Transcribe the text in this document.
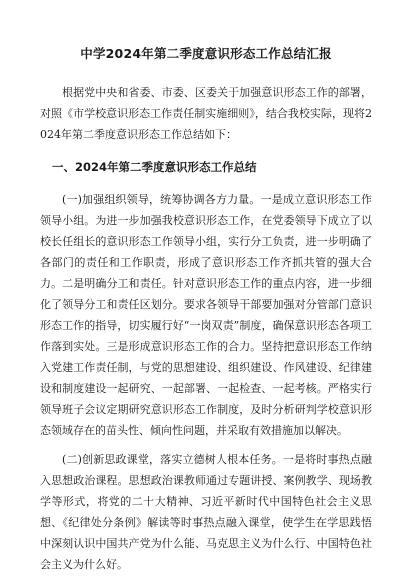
中学2024年第二季度意识形态工作总结汇报

根据党中央和省委、市委、区委关于加强意识形态工作的部署，对照《市学校意识形态工作责任制实施细则》，结合我校实际，现将2024年第二季度意识形态工作总结如下：

一、2024年第二季度意识形态工作总结

(一)加强组织领导，统筹协调各方力量。一是成立意识形态工作领导小组。为进一步加强我校意识形态工作，在党委领导下成立了以校长任组长的意识形态工作领导小组，实行分工负责，进一步明确了各部门的责任和工作职责，形成了意识形态工作齐抓共管的强大合力。二是明确分工和责任。针对意识形态工作的重点内容，进一步细化了领导分工和责任区划分。要求各领导干部要加强对分管部门意识形态工作的指导，切实履行好“一岗双责”制度，确保意识形态各项工作落到实处。三是形成意识形态工作的合力。坚持把意识形态工作纳入党建工作责任制，与党的思想建设、组织建设、作风建设、纪律建设和制度建设一起研究、一起部署、一起检查、一起考核。严格实行领导班子会议定期研究意识形态工作制度，及时分析研判学校意识形态领域存在的苗头性、倾向性问题，并采取有效措施加以解决。

(二)创新思政课堂，落实立德树人根本任务。一是将时事热点融入思想政治课程。思想政治课教师通过专题讲授、案例教学、现场教学等形式，将党的二十大精神、习近平新时代中国特色社会主义思想、《纪律处分条例》解读等时事热点融入课堂，使学生在学思践悟中深刻认识中国共产党为什么能、马克思主义为什么行、中国特色社会主义为什么好。
